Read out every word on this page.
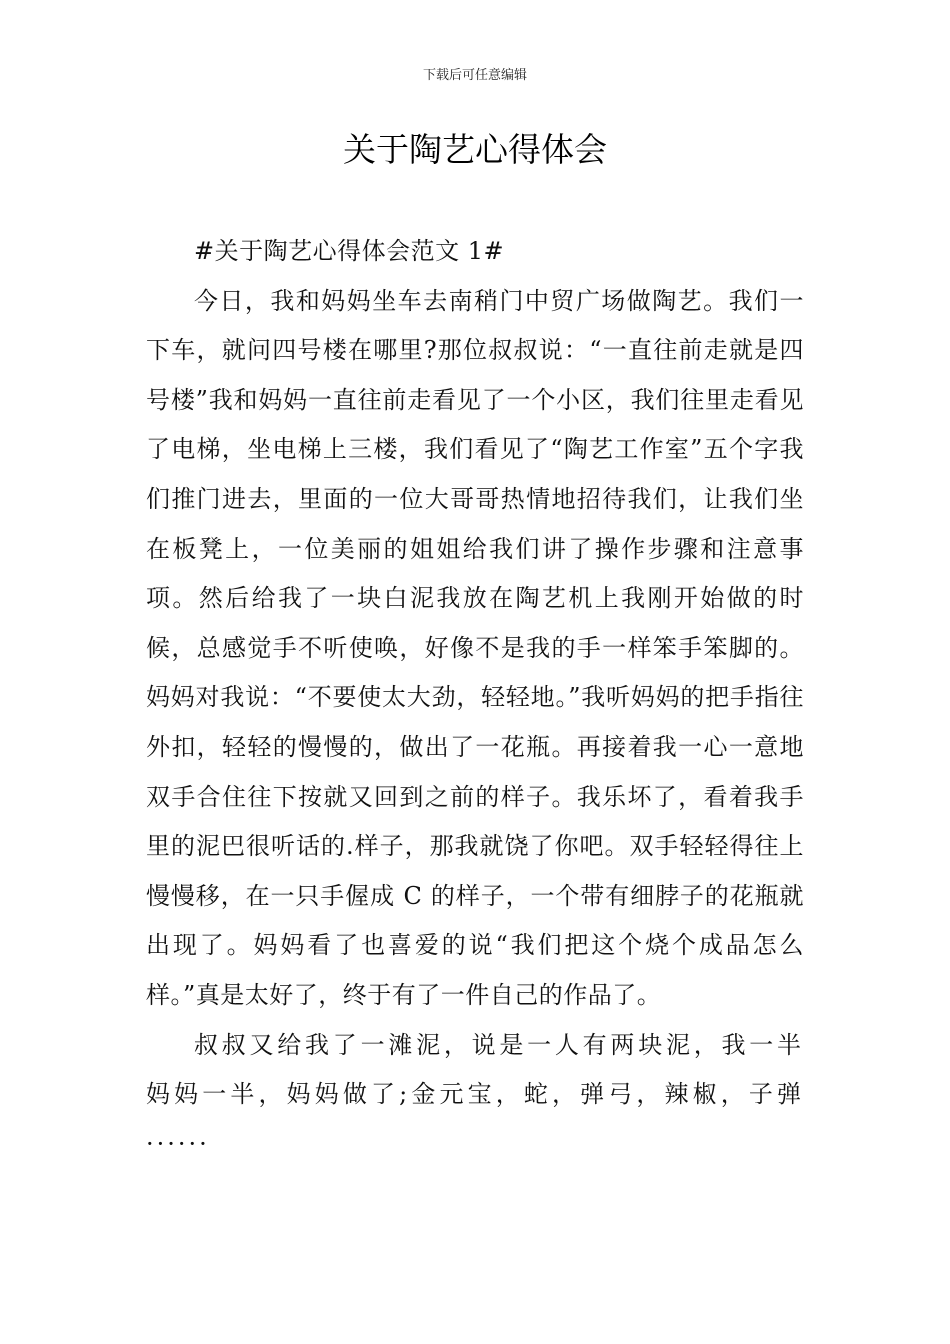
下载后可任意编辑
关于陶艺心得体会

#关于陶艺心得体会范文 1#

今日，我和妈妈坐车去南稍门中贸广场做陶艺。我们一下车，就问四号楼在哪里?那位叔叔说：“一直往前走就是四号楼”我和妈妈一直往前走看见了一个小区，我们往里走看见了电梯，坐电梯上三楼，我们看见了“陶艺工作室”五个字我们推门进去，里面的一位大哥哥热情地招待我们，让我们坐在板凳上，一位美丽的姐姐给我们讲了操作步骤和注意事项。然后给我了一块白泥我放在陶艺机上我刚开始做的时候，总感觉手不听使唤，好像不是我的手一样笨手笨脚的。妈妈对我说：“不要使太大劲，轻轻地。”我听妈妈的把手指往外扣，轻轻的慢慢的，做出了一花瓶。再接着我一心一意地双手合住往下按就又回到之前的样子。我乐坏了，看着我手里的泥巴很听话的.样子，那我就饶了你吧。双手轻轻得往上慢慢移，在一只手偓成 C 的样子，一个带有细脖子的花瓶就出现了。妈妈看了也喜爱的说“我们把这个烧个成品怎么样。”真是太好了，终于有了一件自己的作品了。

叔叔又给我了一滩泥，说是一人有两块泥，我一半妈妈一半，妈妈做了;金元宝，蛇，弹弓，辣椒，子弹······
